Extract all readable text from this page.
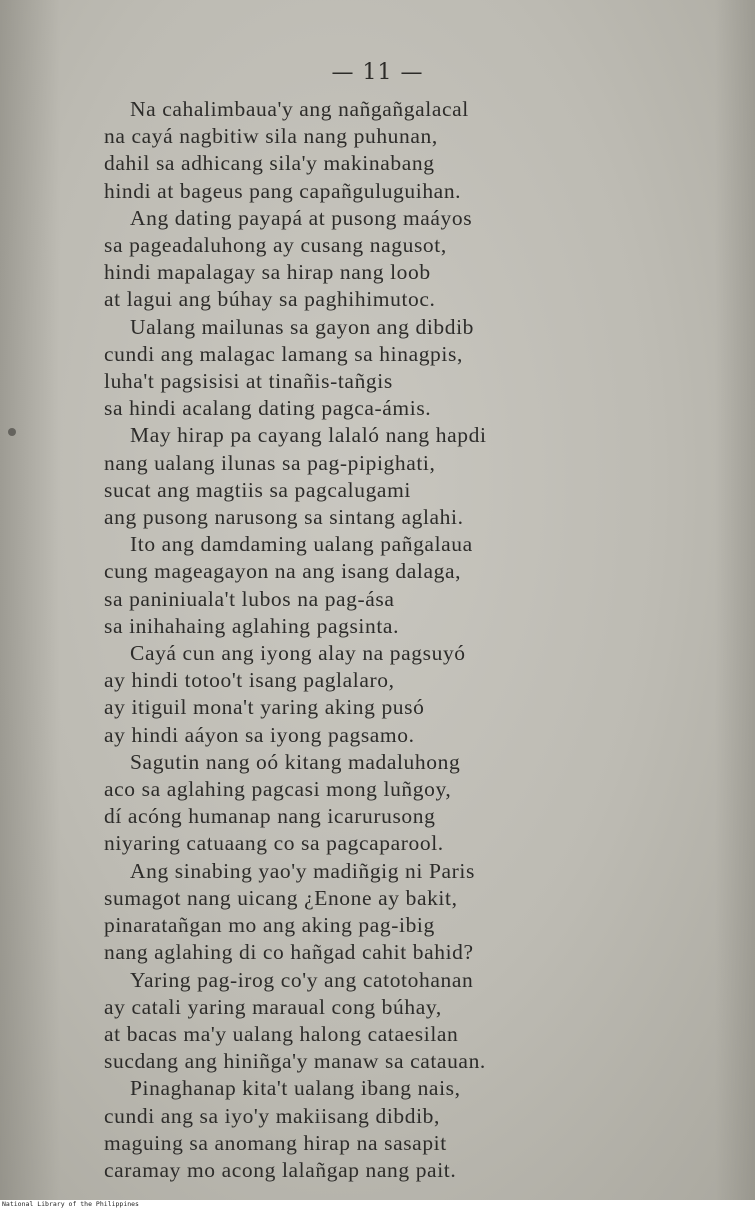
— 11 —
Na cahalimbaua'y ang nañgañgalacal
na cayá nagbitiw sila nang puhunan,
dahil sa adhicang sila'y makinabang
hindi at bageus pang capañguluguihan.
Ang dating payapá at pusong maáyos
sa pageadaluhong ay cusang nagusot,
hindi mapalagay sa hirap nang loob
at lagui ang búhay sa paghihimutoc.
Ualang mailunas sa gayon ang dibdib
cundi ang malagac lamang sa hinagpis,
luha't pagsisisi at tinañis-tañgis
sa hindi acalang dating pagca-ámis.
May hirap pa cayang lalaló nang hapdi
nang ualang ilunas sa pag-pipighati,
sucat ang magtiis sa pagcalugami
ang pusong narusong sa sintang aglahi.
Ito ang damdaming ualang pañgalaua
cung mageagayon na ang isang dalaga,
sa paniniuala't lubos na pag-ása
sa inihahaing aglahing pagsinta.
Cayá cun ang iyong alay na pagsuyó
ay hindi totoo't isang paglalaro,
ay itiguil mona't yaring aking pusó
ay hindi aáyon sa iyong pagsamo.
Sagutin nang oó kitang madaluhong
aco sa aglahing pagcasi mong luñgoy,
dí acóng humanap nang icarurusong
niyaring catuaang co sa pagcaparool.
Ang sinabing yao'y madiñgig ni Paris
sumagot nang uicang ¿Enone ay bakit,
pinaratañgan mo ang aking pag-ibig
nang aglahing di co hañgad cahit bahid?
Yaring pag-irog co'y ang catotohanan
ay catali yaring maraual cong búhay,
at bacas ma'y ualang halong cataesilan
sucdang ang hiniñga'y manaw sa catauan.
Pinaghanap kita't ualang ibang nais,
cundi ang sa iyo'y makiisang dibdib,
maguing sa anomang hirap na sasapit
caramay mo acong lalañgap nang pait.
National Library of the Philippines
